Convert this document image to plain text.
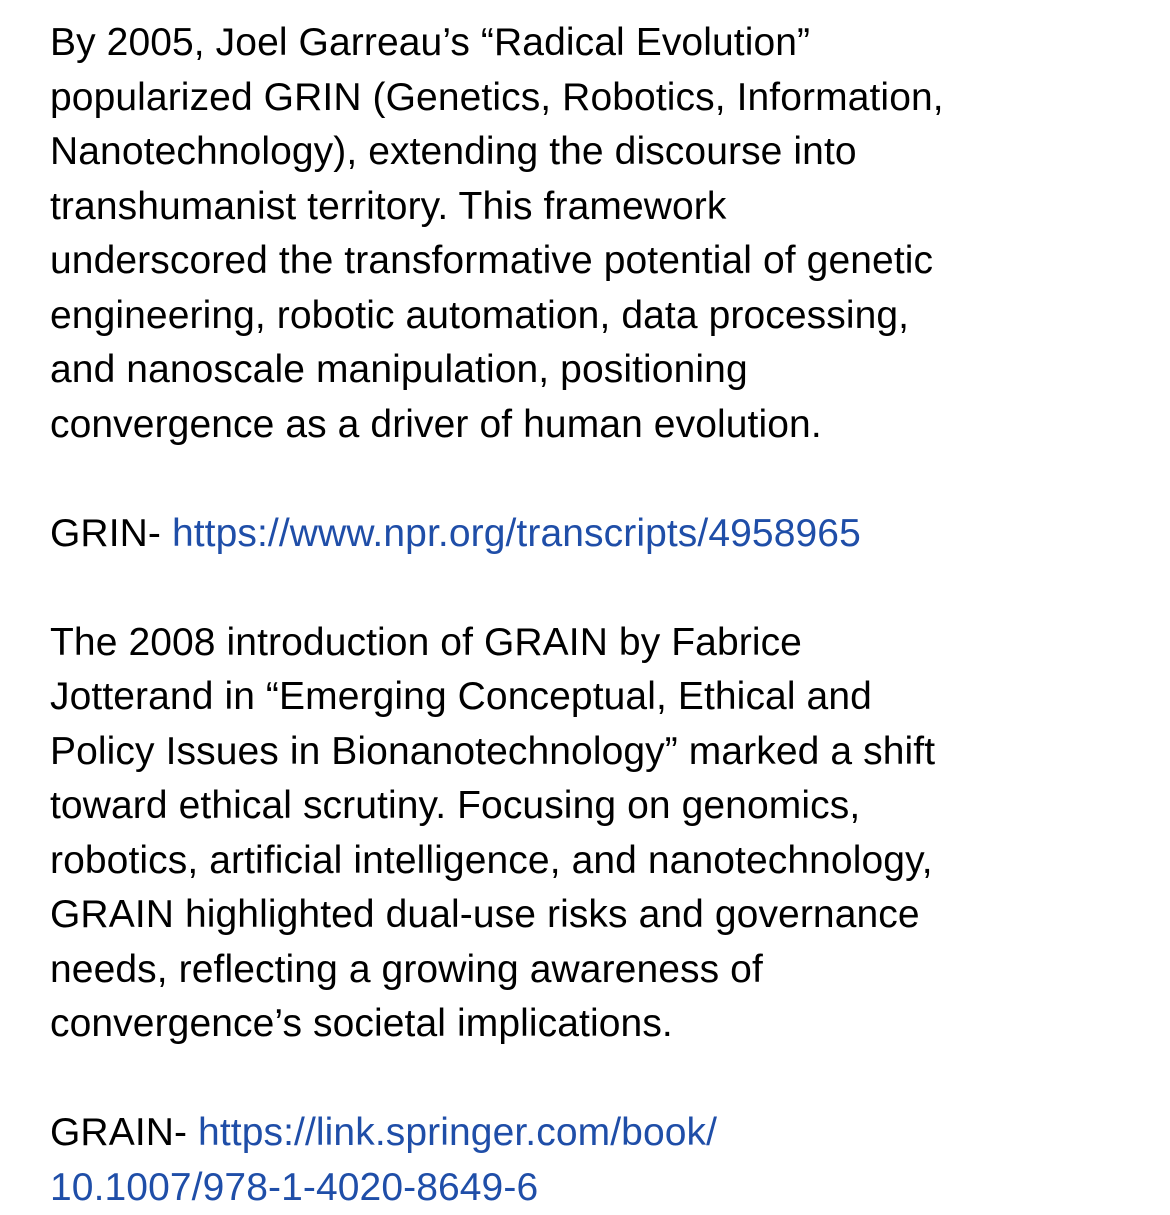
By 2005, Joel Garreau’s “Radical Evolution”
popularized GRIN (Genetics, Robotics, Information,
Nanotechnology), extending the discourse into
transhumanist territory. This framework
underscored the transformative potential of genetic
engineering, robotic automation, data processing,
and nanoscale manipulation, positioning
convergence as a driver of human evolution.
GRIN- https://www.npr.org/transcripts/4958965
The 2008 introduction of GRAIN by Fabrice
Jotterand in “Emerging Conceptual, Ethical and
Policy Issues in Bionanotechnology” marked a shift
toward ethical scrutiny. Focusing on genomics,
robotics, artificial intelligence, and nanotechnology,
GRAIN highlighted dual-use risks and governance
needs, reflecting a growing awareness of
convergence’s societal implications.
GRAIN- https://link.springer.com/book/
10.1007/978-1-4020-8649-6
